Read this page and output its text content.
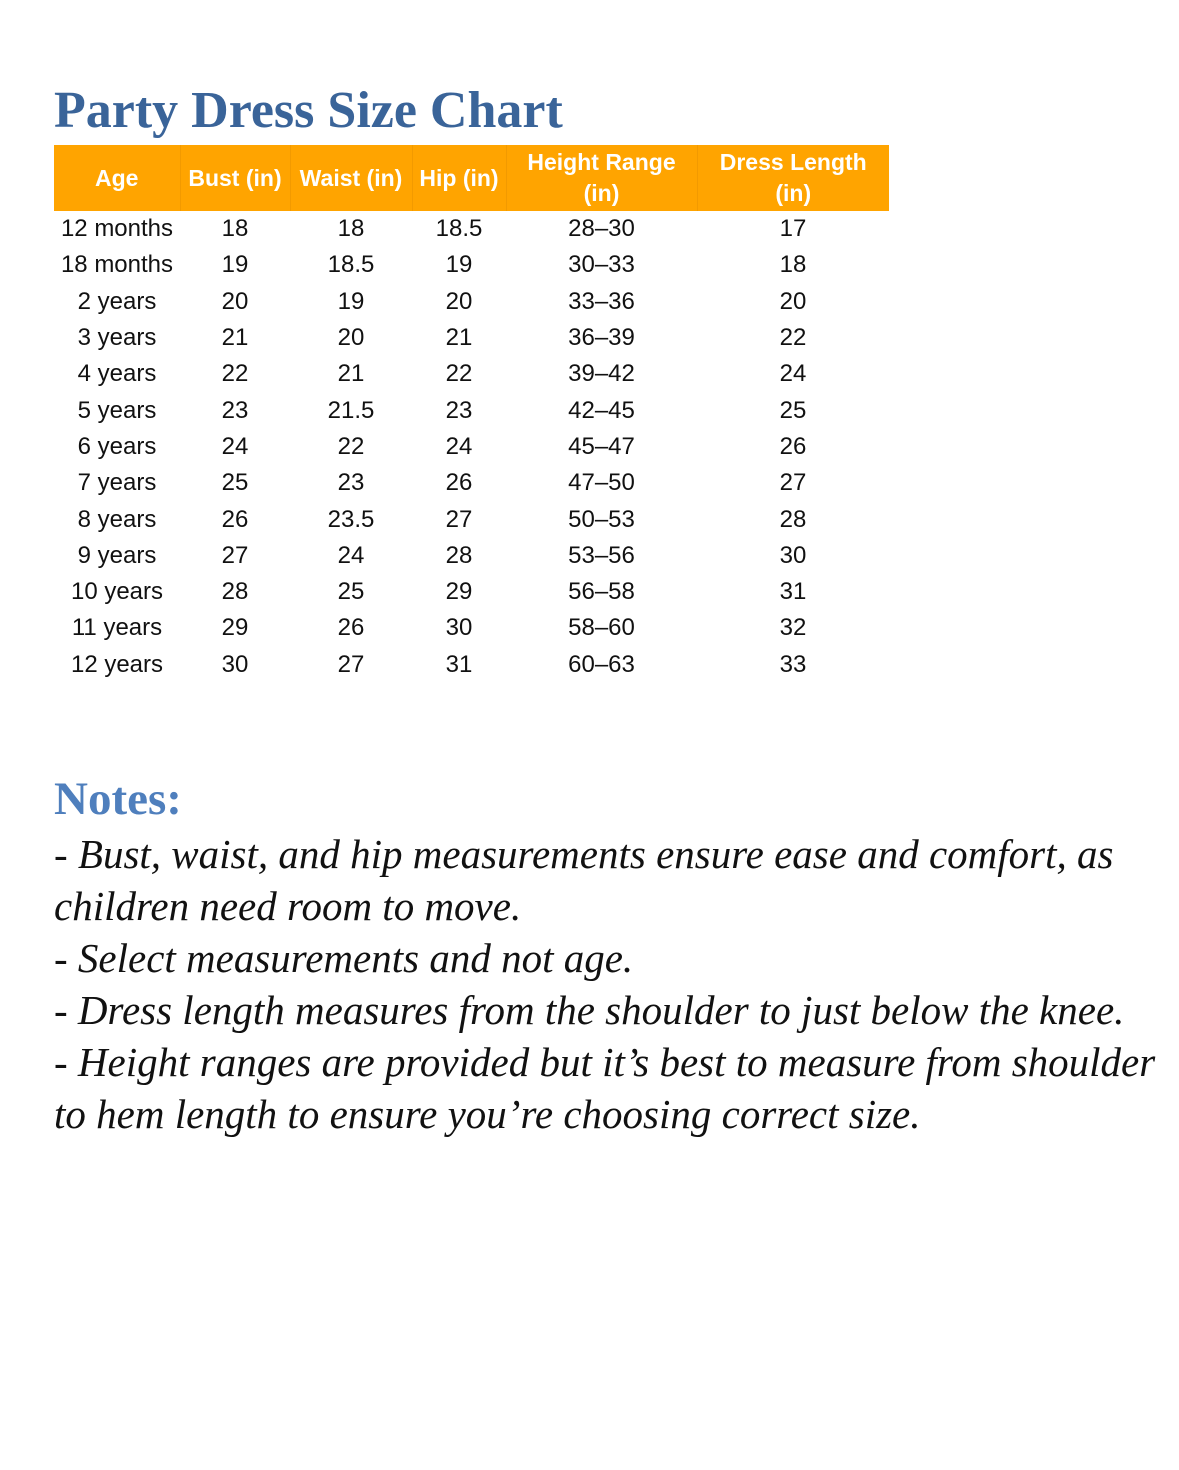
Party Dress Size Chart
Age	Bust (in)	Waist (in)	Hip (in)	Height Range (in)	Dress Length (in)
12 months	18	18	18.5	28–30	17
18 months	19	18.5	19	30–33	18
2 years	20	19	20	33–36	20
3 years	21	20	21	36–39	22
4 years	22	21	22	39–42	24
5 years	23	21.5	23	42–45	25
6 years	24	22	24	45–47	26
7 years	25	23	26	47–50	27
8 years	26	23.5	27	50–53	28
9 years	27	24	28	53–56	30
10 years	28	25	29	56–58	31
11 years	29	26	30	58–60	32
12 years	30	27	31	60–63	33
Notes:

- Bust, waist, and hip measurements ensure ease and comfort, as children need room to move.

- Select measurements and not age.

- Dress length measures from the shoulder to just below the knee.

- Height ranges are provided but it’s best to measure from shoulder to hem length to ensure you’re choosing correct size.
